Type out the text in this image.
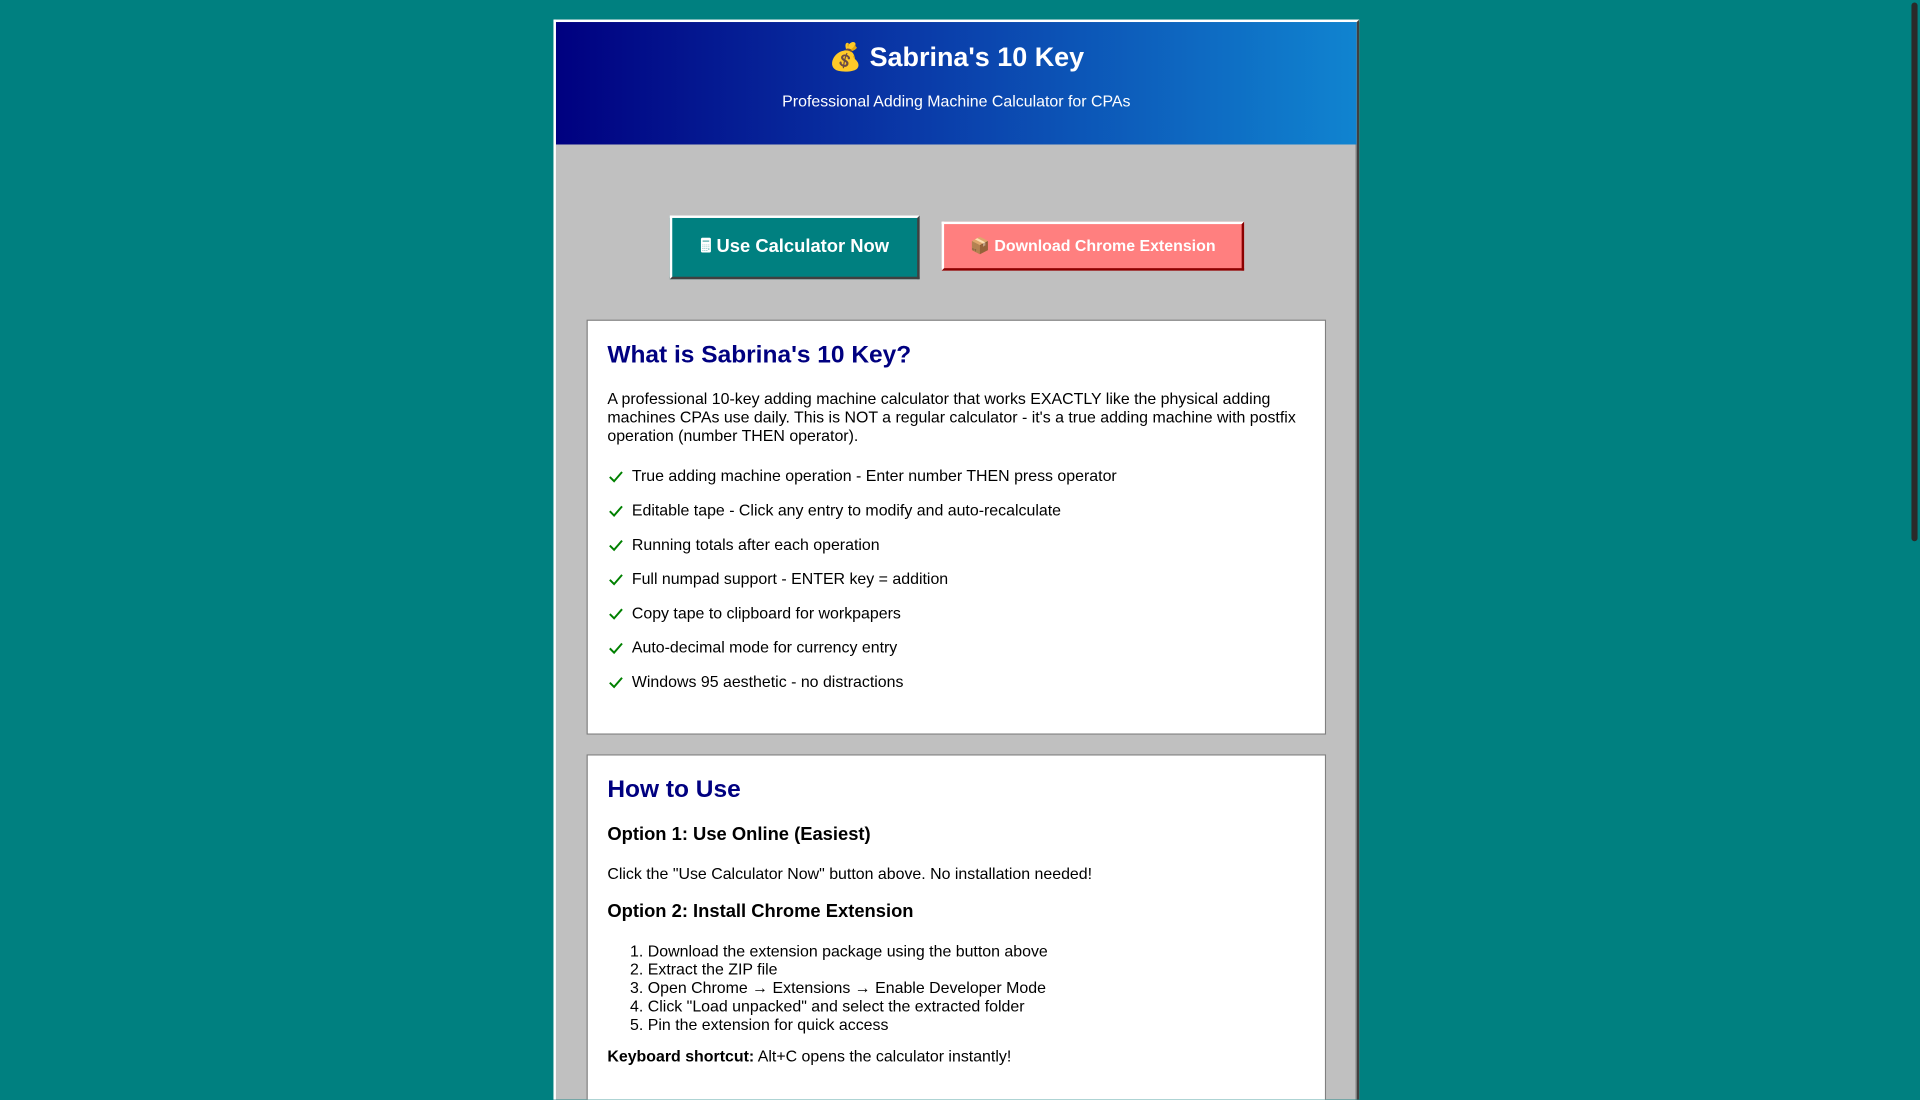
💰 Sabrina's 10 Key
Professional Adding Machine Calculator for CPAs
🖩 Use Calculator Now	📦 Download Chrome Extension
What is Sabrina's 10 Key?
A professional 10-key adding machine calculator that works EXACTLY like the physical adding machines CPAs use daily. This is NOT a regular calculator - it's a true adding machine with postfix operation (number THEN operator).
True adding machine operation - Enter number THEN press operator
Editable tape - Click any entry to modify and auto-recalculate
Running totals after each operation
Full numpad support - ENTER key = addition
Copy tape to clipboard for workpapers
Auto-decimal mode for currency entry
Windows 95 aesthetic - no distractions
How to Use
Option 1: Use Online (Easiest)
Click the "Use Calculator Now" button above. No installation needed!
Option 2: Install Chrome Extension
1. Download the extension package using the button above
2. Extract the ZIP file
3. Open Chrome → Extensions → Enable Developer Mode
4. Click "Load unpacked" and select the extracted folder
5. Pin the extension for quick access
Keyboard shortcut: Alt+C opens the calculator instantly!
